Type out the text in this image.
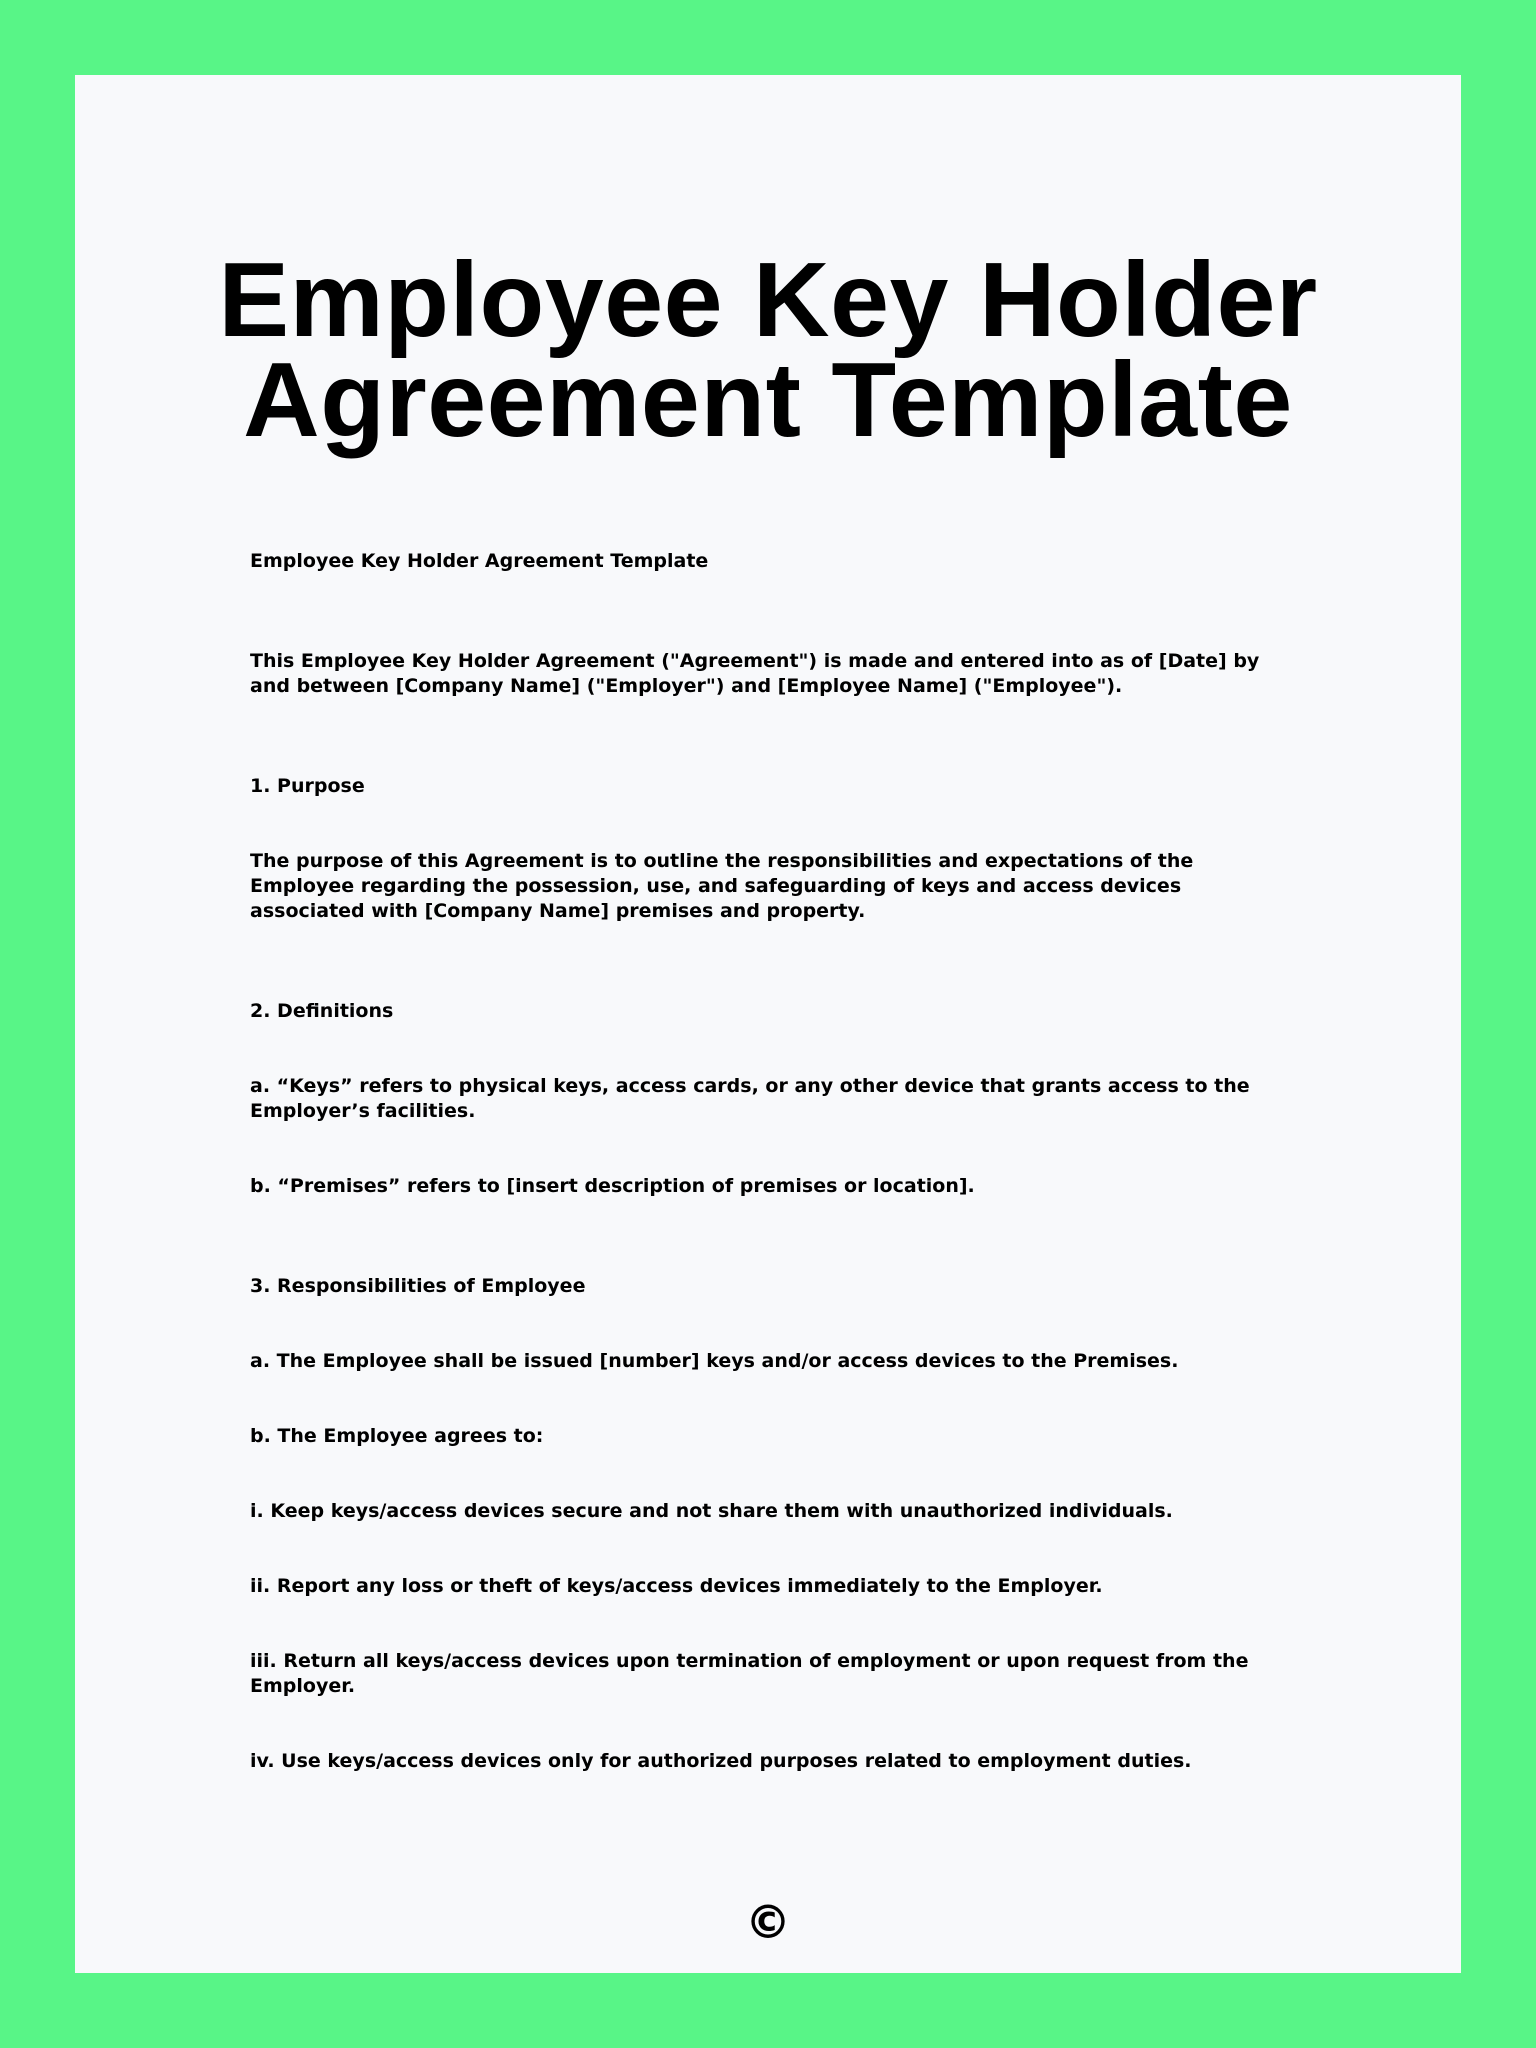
Employee Key Holder Agreement Template

Employee Key Holder Agreement Template

This Employee Key Holder Agreement ("Agreement") is made and entered into as of [Date] by and between [Company Name] ("Employer") and [Employee Name] ("Employee").

1. Purpose

The purpose of this Agreement is to outline the responsibilities and expectations of the Employee regarding the possession, use, and safeguarding of keys and access devices associated with [Company Name] premises and property.

2. Definitions

a. “Keys” refers to physical keys, access cards, or any other device that grants access to the Employer’s facilities.

b. “Premises” refers to [insert description of premises or location].

3. Responsibilities of Employee

a. The Employee shall be issued [number] keys and/or access devices to the Premises.

b. The Employee agrees to:

i. Keep keys/access devices secure and not share them with unauthorized individuals.

ii. Report any loss or theft of keys/access devices immediately to the Employer.

iii. Return all keys/access devices upon termination of employment or upon request from the Employer.

iv. Use keys/access devices only for authorized purposes related to employment duties.

©
